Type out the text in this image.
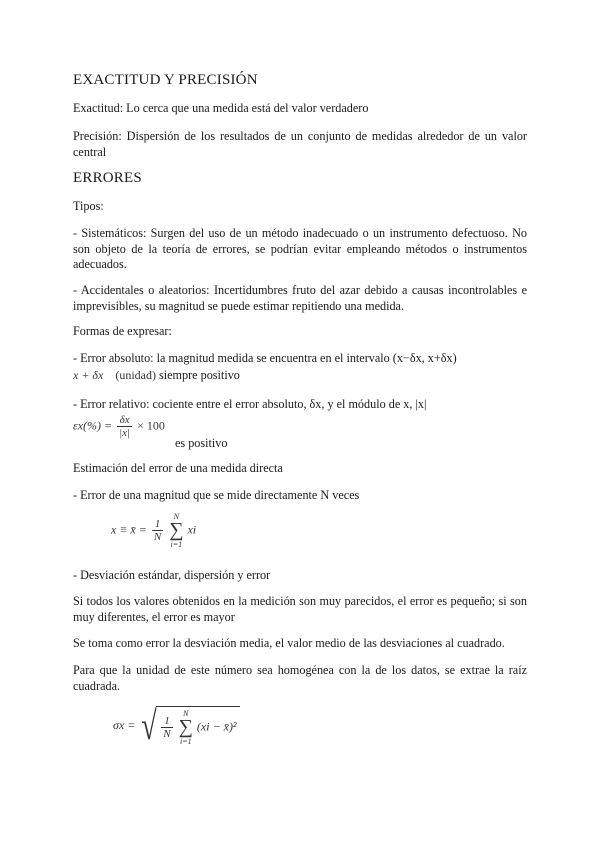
EXACTITUD Y PRECISIÓN
Exactitud: Lo cerca que una medida está del valor verdadero
Precisión: Dispersión de los resultados de un conjunto de medidas alrededor de un valor central
ERRORES
Tipos:
- Sistemáticos: Surgen del uso de un método inadecuado o un instrumento defectuoso. No son objeto de la teoría de errores, se podrían evitar empleando métodos o instrumentos adecuados.
- Accidentales o aleatorios: Incertidumbres fruto del azar debido a causas incontrolables e imprevisibles, su magnitud se puede estimar repitiendo una medida.
Formas de expresar:
- Error absoluto: la magnitud medida se encuentra en el intervalo (x−δx, x+δx)
x + δx (unidad) siempre positivo
- Error relativo: cociente entre el error absoluto, δx, y el módulo de x, |x|
$\varepsilon x(\%) = \frac{\delta x}{|x|} \times 100$
es positivo
Estimación del error de una medida directa
- Error de una magnitud que se mide directamente N veces
x ≡ x̄ = $\frac{1}{N}$

N
∑
i=1
xi
- Desviación estándar, dispersión y error
Si todos los valores obtenidos en la medición son muy parecidos, el error es pequeño; si son muy diferentes, el error es mayor
Se toma como error la desviación media, el valor medio de las desviaciones al cuadrado.
Para que la unidad de este número sea homogénea con la de los datos, se extrae la raíz cuadrada.
σx = √ $\frac{1}{N}$

N
∑
i=1
(xi − x̄)²
